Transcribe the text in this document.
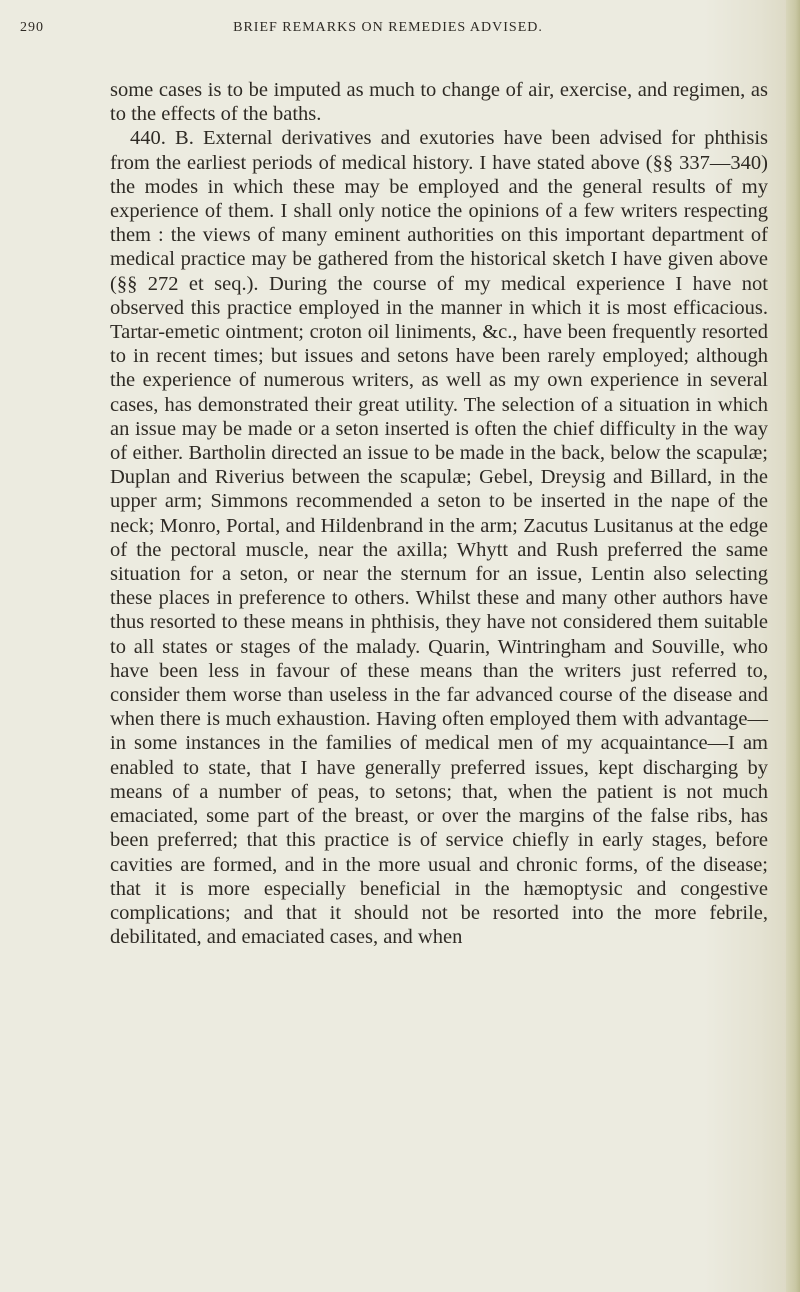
290	BRIEF REMARKS ON REMEDIES ADVISED.

some cases is to be imputed as much to change of air, exercise, and regimen, as to the effects of the baths.

440. B. External derivatives and exutories have been advised for phthisis from the earliest periods of medical history. I have stated above (§§ 337—340) the modes in which these may be employed and the general results of my experience of them. I shall only notice the opinions of a few writers respecting them : the views of many eminent authorities on this important department of medical practice may be gathered from the historical sketch I have given above (§§ 272 et seq.). During the course of my medical experience I have not observed this practice employed in the manner in which it is most efficacious. Tartar-emetic ointment; croton oil liniments, &c., have been frequently resorted to in recent times; but issues and setons have been rarely employed; although the experience of numerous writers, as well as my own experience in several cases, has demonstrated their great utility. The selection of a situation in which an issue may be made or a seton inserted is often the chief difficulty in the way of either. Bartholin directed an issue to be made in the back, below the scapulæ; Duplan and Riverius between the scapulæ; Gebel, Dreysig and Billard, in the upper arm; Simmons recommended a seton to be inserted in the nape of the neck; Monro, Portal, and Hildenbrand in the arm; Zacutus Lusitanus at the edge of the pectoral muscle, near the axilla; Whytt and Rush preferred the same situation for a seton, or near the sternum for an issue, Lentin also selecting these places in preference to others. Whilst these and many other authors have thus resorted to these means in phthisis, they have not considered them suitable to all states or stages of the malady. Quarin, Wintringham and Souville, who have been less in favour of these means than the writers just referred to, consider them worse than useless in the far advanced course of the disease and when there is much exhaustion. Having often employed them with advantage—in some instances in the families of medical men of my acquaintance—I am enabled to state, that I have generally preferred issues, kept discharging by means of a number of peas, to setons; that, when the patient is not much emaciated, some part of the breast, or over the margins of the false ribs, has been preferred; that this practice is of service chiefly in early stages, before cavities are formed, and in the more usual and chronic forms, of the disease; that it is more especially beneficial in the hæmoptysic and congestive complications; and that it should not be resorted into the more febrile, debilitated, and emaciated cases, and when
